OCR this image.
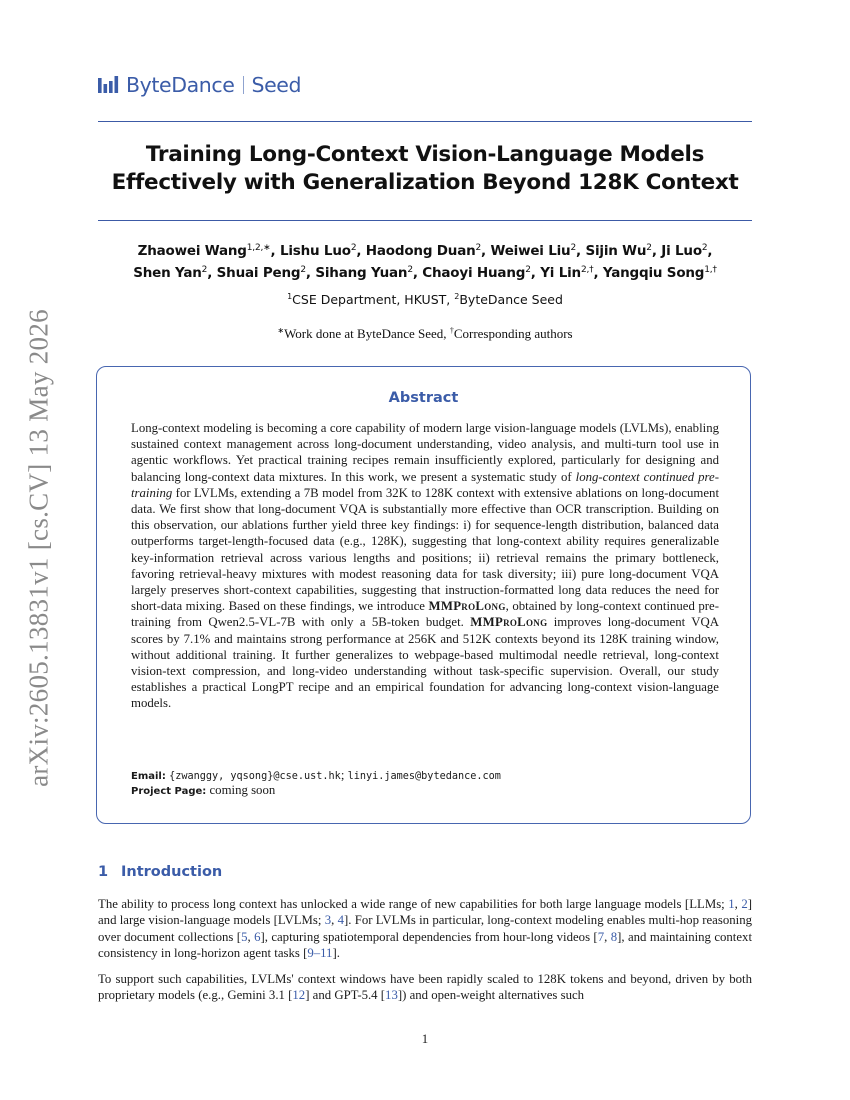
ByteDance Seed
Training Long-Context Vision-Language Models
Effectively with Generalization Beyond 128K Context
Zhaowei Wang$^{1,2,∗}$, Lishu Luo$^2$, Haodong Duan$^2$, Weiwei Liu$^2$, Sijin Wu$^2$, Ji Luo$^2$,
Shen Yan$^2$, Shuai Peng$^2$, Sihang Yuan$^2$, Chaoyi Huang$^2$, Yi Lin$^{2,\dagger}$, Yangqiu Song$^{1,\dagger}$
$^1$CSE Department, HKUST, $^2$ByteDance Seed
∗Work done at ByteDance Seed, †Corresponding authors
Abstract
Long-context modeling is becoming a core capability of modern large vision-language models (LVLMs), enabling sustained context management across long-document understanding, video analysis, and multi-turn tool use in agentic workflows. Yet practical training recipes remain insufficiently explored, particularly for designing and balancing long-context data mixtures. In this work, we present a systematic study of long-context continued pre-training for LVLMs, extending a 7B model from 32K to 128K context with extensive ablations on long-document data. We first show that long-document VQA is substantially more effective than OCR transcription. Building on this observation, our ablations further yield three key findings: i) for sequence-length distribution, balanced data outperforms target-length-focused data (e.g., 128K), suggesting that long-context ability requires generalizable key-information retrieval across various lengths and positions; ii) retrieval remains the primary bottleneck, favoring retrieval-heavy mixtures with modest reasoning data for task diversity; iii) pure long-document VQA largely preserves short-context capabilities, suggesting that instruction-formatted long data reduces the need for short-data mixing. Based on these findings, we introduce MMProLong, obtained by long-context continued pre-training from Qwen2.5-VL-7B with only a 5B-token budget. MMProLong improves long-document VQA scores by 7.1% and maintains strong performance at 256K and 512K contexts beyond its 128K training window, without additional training. It further generalizes to webpage-based multimodal needle retrieval, long-context vision-text compression, and long-video understanding without task-specific supervision. Overall, our study establishes a practical LongPT recipe and an empirical foundation for advancing long-context vision-language models.
Email: {zwanggy, yqsong}@cse.ust.hk; linyi.james@bytedance.com
Project Page: coming soon
arXiv:2605.13831v1 [cs.CV] 13 May 2026
1 Introduction
The ability to process long context has unlocked a wide range of new capabilities for both large language models [LLMs; 1, 2] and large vision-language models [LVLMs; 3, 4]. For LVLMs in particular, long-context modeling enables multi-hop reasoning over document collections [5, 6], capturing spatiotemporal dependencies from hour-long videos [7, 8], and maintaining context consistency in long-horizon agent tasks [9–11].
To support such capabilities, LVLMs' context windows have been rapidly scaled to 128K tokens and beyond, driven by both proprietary models (e.g., Gemini 3.1 [12] and GPT-5.4 [13]) and open-weight alternatives such
1
